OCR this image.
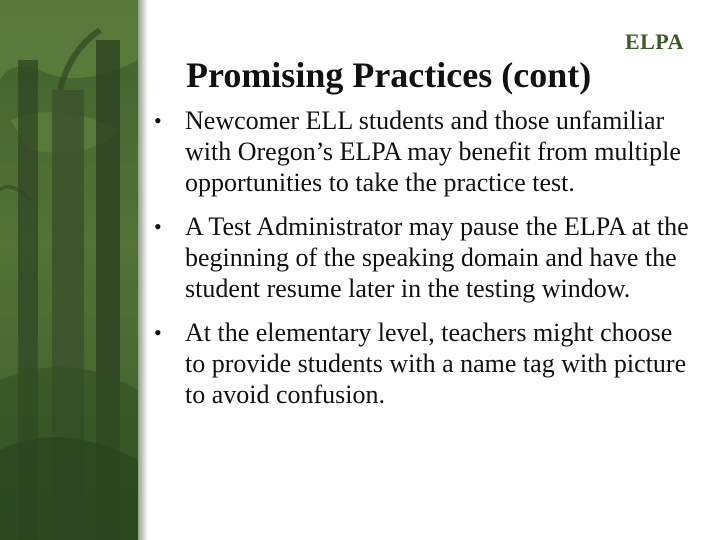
ELPA
Promising Practices (cont)
• Newcomer ELL students and those unfamiliar with Oregon’s ELPA may benefit from multiple opportunities to take the practice test.
• A Test Administrator may pause the ELPA at the beginning of the speaking domain and have the student resume later in the testing window.
• At the elementary level, teachers might choose to provide students with a name tag with picture to avoid confusion.
